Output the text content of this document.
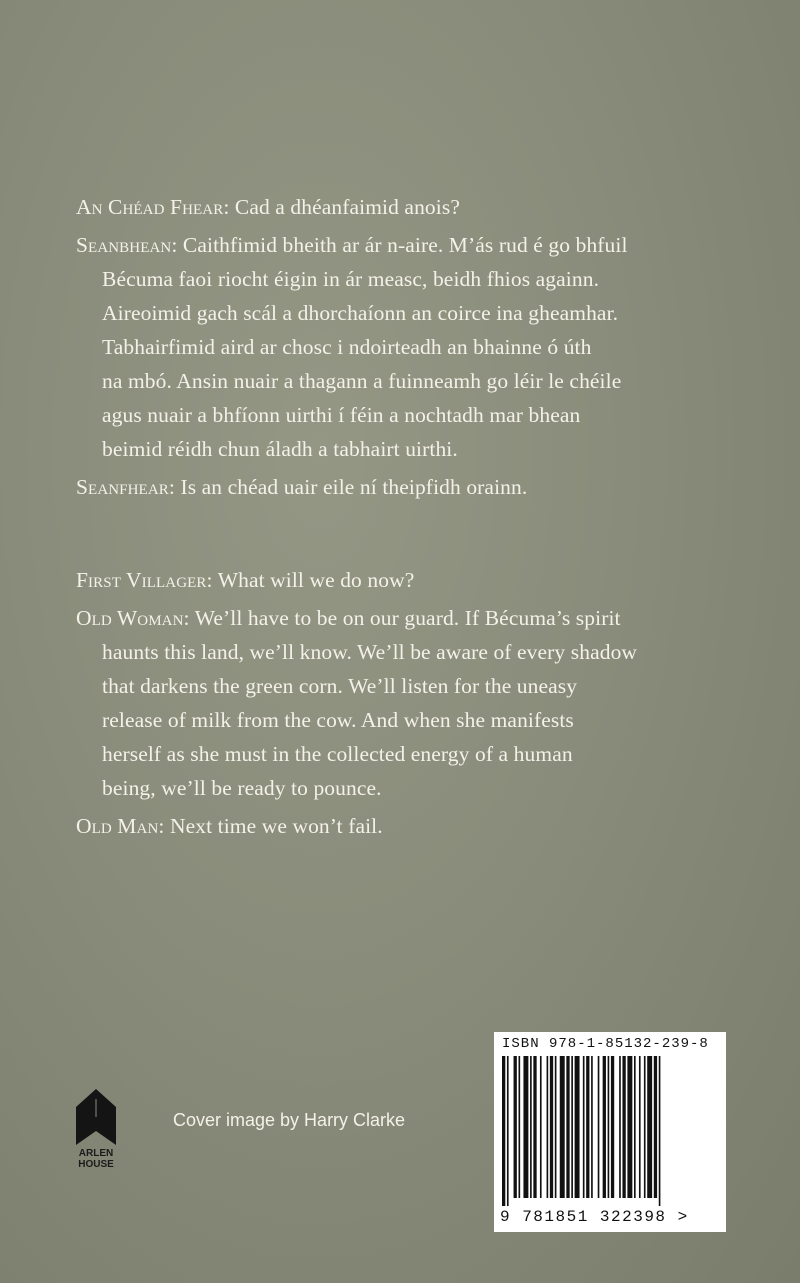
An Chéad Fhear : Cad a dhéanfaimid anois?
Seanbhean : Caithfimid bheith ar ár n-aire. M’ás rud é go bhfuil
Bécuma faoi riocht éigin in ár measc, beidh fhios againn.
Aireoimid gach scál a dhorchaíonn an coirce ina gheamhar.
Tabhairfimid aird ar chosc i ndoirteadh an bhainne ó úth
na mbó. Ansin nuair a thagann a fuinneamh go léir le chéile
agus nuair a bhfíonn uirthi í féin a nochtadh mar bhean
beimid réidh chun áladh a tabhairt uirthi.
Seanfhear : Is an chéad uair eile ní theipfidh orainn.
First Villager : What will we do now?
Old Woman : We’ll have to be on our guard. If Bécuma’s spirit
haunts this land, we’ll know. We’ll be aware of every shadow
that darkens the green corn. We’ll listen for the uneasy
release of milk from the cow. And when she manifests
herself as she must in the collected energy of a human
being, we’ll be ready to pounce.
Old Man : Next time we won’t fail.
ARLEN
HOUSE
Cover image by Harry Clarke
ISBN 978-1-85132-239-8
9 781851 322398 >
